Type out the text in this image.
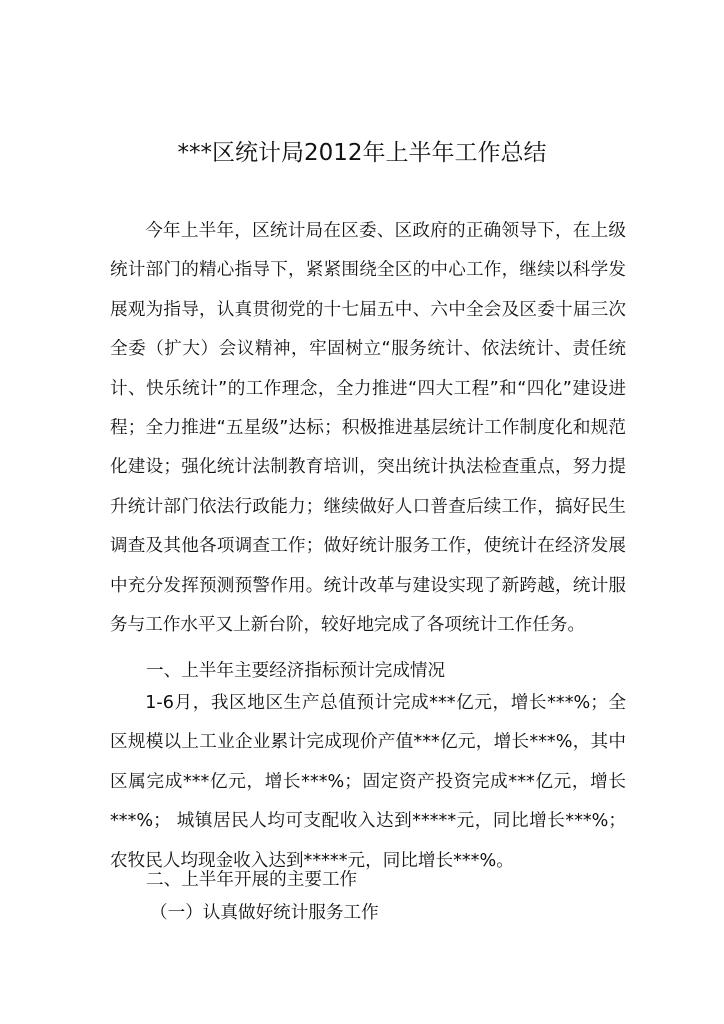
***区统计局2012年上半年工作总结

今年上半年，区统计局在区委、区政府的正确领导下，在上级统计部门的精心指导下，紧紧围绕全区的中心工作，继续以科学发展观为指导，认真贯彻党的十七届五中、六中全会及区委十届三次全委（扩大）会议精神，牢固树立“服务统计、依法统计、责任统计、快乐统计”的工作理念，全力推进“四大工程”和“四化”建设进程；全力推进“五星级”达标；积极推进基层统计工作制度化和规范化建设；强化统计法制教育培训，突出统计执法检查重点，努力提升统计部门依法行政能力；继续做好人口普查后续工作，搞好民生调查及其他各项调查工作；做好统计服务工作，使统计在经济发展中充分发挥预测预警作用。统计改革与建设实现了新跨越，统计服务与工作水平又上新台阶，较好地完成了各项统计工作任务。

一、上半年主要经济指标预计完成情况

1-6月，我区地区生产总值预计完成***亿元，增长***%；全区规模以上工业企业累计完成现价产值***亿元，增长***%，其中区属完成***亿元，增长***%；固定资产投资完成***亿元，增长***%； 城镇居民人均可支配收入达到*****元，同比增长***%；农牧民人均现金收入达到*****元，同比增长***%。

二、上半年开展的主要工作
（一）认真做好统计服务工作
